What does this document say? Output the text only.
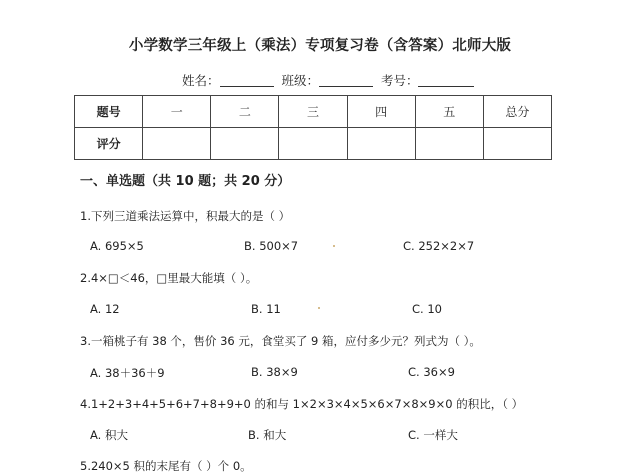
小学数学三年级上（乘法）专项复习卷（含答案）北师大版
姓名：	班级：	考号：
题号	一	二	三	四	五	总分
评分						
一、单选题（共 10 题；共 20 分）
1.下列三道乘法运算中，积最大的是（ ）
A. 695×5	B. 500×7	C. 252×2×7
2.4×□＜46，□里最大能填（ ）。
A. 12	B. 11	C. 10
3.一箱桃子有 38 个，售价 36 元，食堂买了 9 箱，应付多少元？列式为（ ）。
A. 38＋36＋9	B. 38×9	C. 36×9
4.1+2+3+4+5+6+7+8+9+0 的和与 1×2×3×4×5×6×7×8×9×0 的积比，（ ）
A. 积大	B. 和大	C. 一样大
5.240×5 积的末尾有（ ）个 0。
